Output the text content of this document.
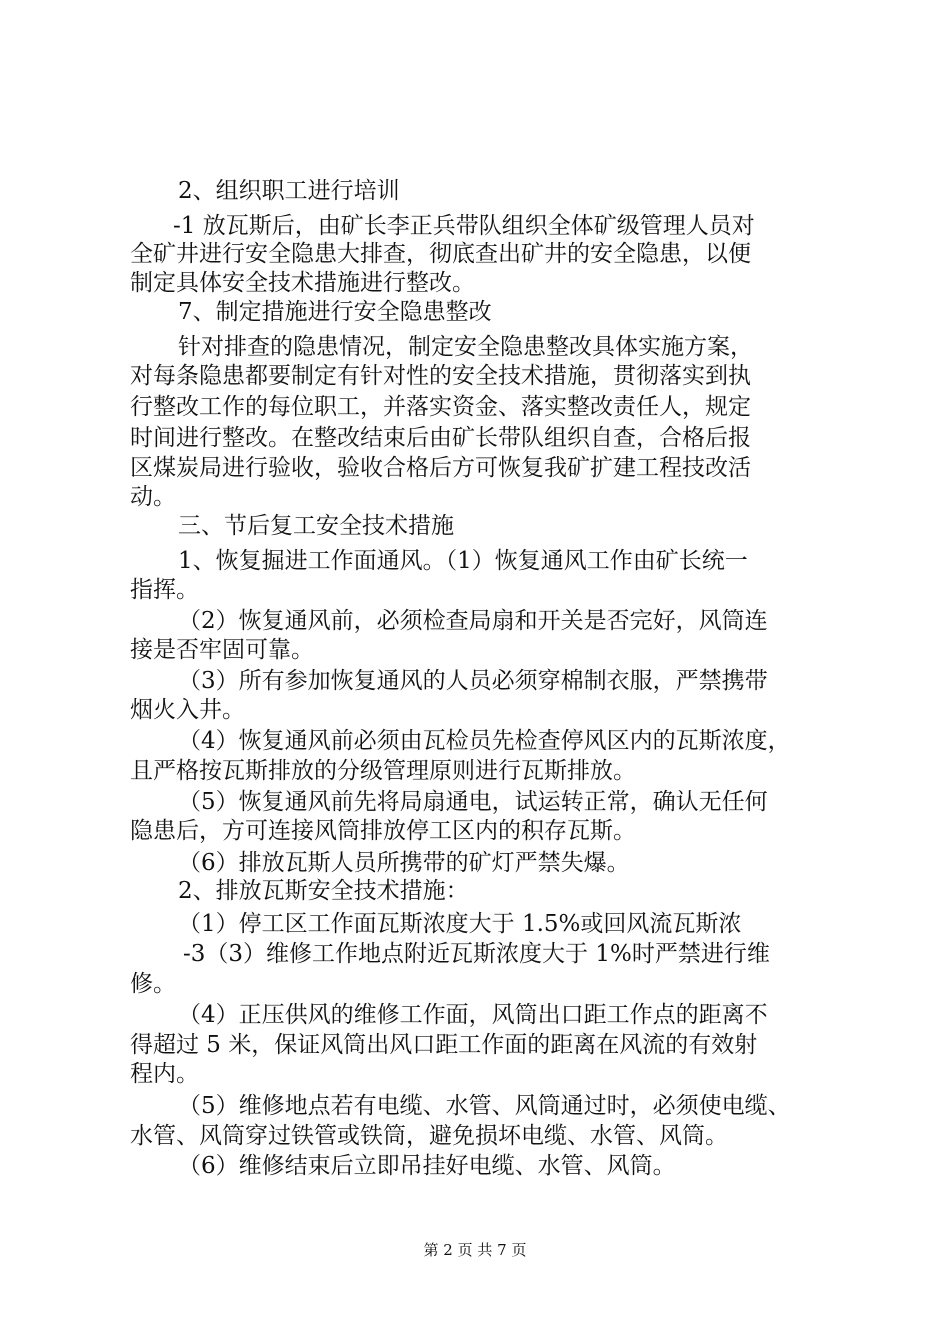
2、组织职工进行培训
-1 放瓦斯后，由矿长李正兵带队组织全体矿级管理人员对
全矿井进行安全隐患大排查，彻底查出矿井的安全隐患，以便
制定具体安全技术措施进行整改。
7、制定措施进行安全隐患整改
针对排查的隐患情况，制定安全隐患整改具体实施方案，
对每条隐患都要制定有针对性的安全技术措施，贯彻落实到执
行整改工作的每位职工，并落实资金、落实整改责任人，规定
时间进行整改。在整改结束后由矿长带队组织自查，合格后报
区煤炭局进行验收，验收合格后方可恢复我矿扩建工程技改活
动。
三、节后复工安全技术措施
1、恢复掘进工作面通风。（1）恢复通风工作由矿长统一
指挥。
（2）恢复通风前，必须检查局扇和开关是否完好，风筒连
接是否牢固可靠。
（3）所有参加恢复通风的人员必须穿棉制衣服，严禁携带
烟火入井。
（4）恢复通风前必须由瓦检员先检查停风区内的瓦斯浓度，
且严格按瓦斯排放的分级管理原则进行瓦斯排放。
（5）恢复通风前先将局扇通电，试运转正常，确认无任何
隐患后，方可连接风筒排放停工区内的积存瓦斯。
（6）排放瓦斯人员所携带的矿灯严禁失爆。
2、排放瓦斯安全技术措施：
（1）停工区工作面瓦斯浓度大于 1.5%或回风流瓦斯浓
-3（3）维修工作地点附近瓦斯浓度大于 1%时严禁进行维
修。
（4）正压供风的维修工作面，风筒出口距工作点的距离不
得超过 5 米，保证风筒出风口距工作面的距离在风流的有效射
程内。
（5）维修地点若有电缆、水管、风筒通过时，必须使电缆、
水管、风筒穿过铁管或铁筒，避免损坏电缆、水管、风筒。
（6）维修结束后立即吊挂好电缆、水管、风筒。
第 2 页 共 7 页
